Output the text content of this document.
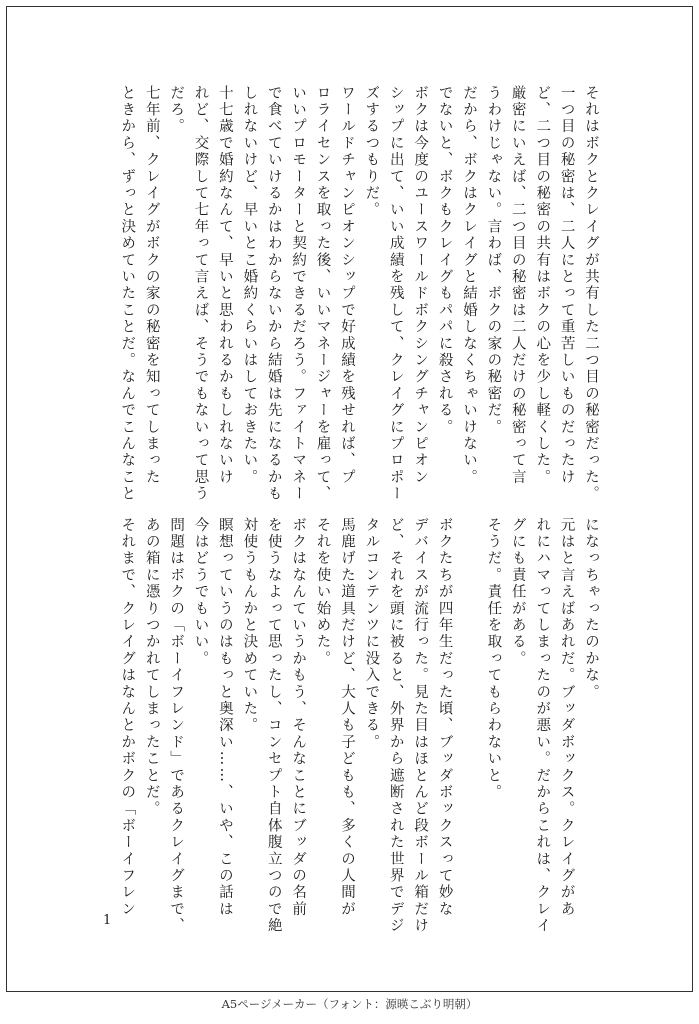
それはボクとクレイグが共有した二つ目の秘密だった。
一つ目の秘密は、二人にとって重苦しいものだったけ
ど、二つ目の秘密の共有はボクの心を少し軽くした。
厳密にいえば、二つ目の秘密は二人だけの秘密って言
うわけじゃない。言わば、ボクの家の秘密だ。
だから、ボクはクレイグと結婚しなくちゃいけない。
でないと、ボクもクレイグもパパに殺される。
ボクは今度のユースワールドボクシングチャンピオン
シップに出て、いい成績を残して、クレイグにプロポー
ズするつもりだ。
ワールドチャンピオンシップで好成績を残せれば、プ
ロライセンスを取った後、いいマネージャーを雇って、
いいプロモーターと契約できるだろう。ファイトマネー
で食べていけるかはわからないから結婚は先になるかも
しれないけど、早いとこ婚約くらいはしておきたい。
十七歳で婚約なんて、早いと思われるかもしれないけ
れど、交際して七年って言えば、そうでもないって思う
だろ。
七年前、クレイグがボクの家の秘密を知ってしまった
ときから、ずっと決めていたことだ。なんでこんなこと
になっちゃったのかな。
元はと言えばあれだ。ブッダボックス。クレイグがあ
れにハマってしまったのが悪い。だからこれは、クレイ
グにも責任がある。
そうだ。責任を取ってもらわないと。

ボクたちが四年生だった頃、ブッダボックスって妙な
デバイスが流行った。見た目はほとんど段ボール箱だけ
ど、それを頭に被ると、外界から遮断された世界でデジ
タルコンテンツに没入できる。
馬鹿げた道具だけど、大人も子どもも、多くの人間が
それを使い始めた。
ボクはなんていうかもう、そんなことにブッダの名前
を使うなよって思ったし、コンセプト自体腹立つので絶
対使うもんかと決めていた。
瞑想っていうのはもっと奥深い……、いや、この話は
今はどうでもいい。
問題はボクの「ボーイフレンド」であるクレイグまで、
あの箱に憑りつかれてしまったことだ。
それまで、クレイグはなんとかボクの「ボーイフレン
1
A5ページメーカー（フォント：源暎こぶり明朝）
